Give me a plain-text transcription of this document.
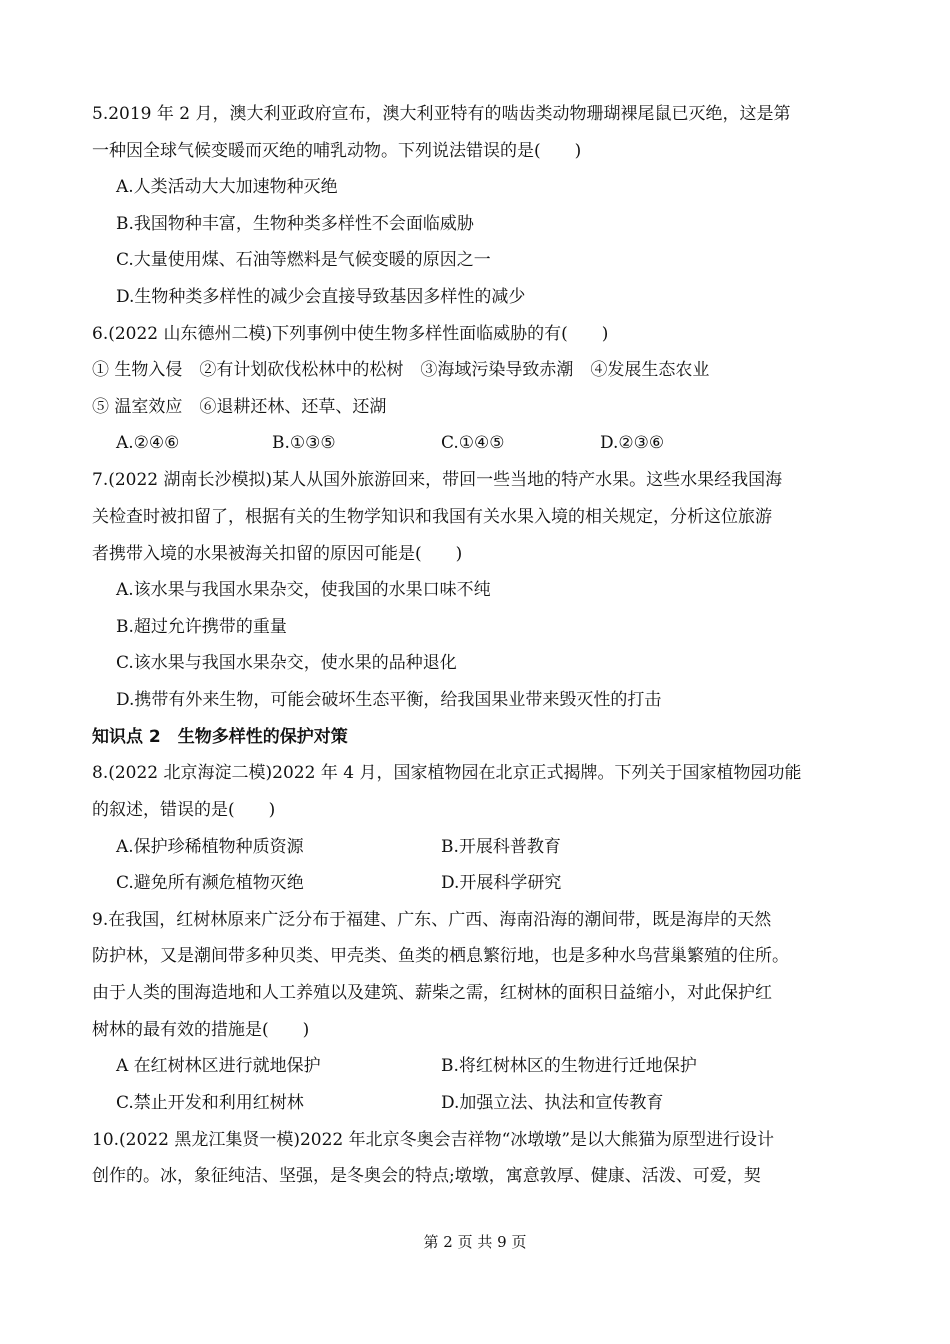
5.2019 年 2 月，澳大利亚政府宣布，澳大利亚特有的啮齿类动物珊瑚裸尾鼠已灭绝，这是第
一种因全球气候变暖而灭绝的哺乳动物。下列说法错误的是(　　)
A.人类活动大大加速物种灭绝
B.我国物种丰富，生物种类多样性不会面临威胁
C.大量使用煤、石油等燃料是气候变暖的原因之一
D.生物种类多样性的减少会直接导致基因多样性的减少
6.(2022 山东德州二模)下列事例中使生物多样性面临威胁的有(　　)
① 生物入侵　②有计划砍伐松林中的松树　③海域污染导致赤潮　④发展生态农业
⑤ 温室效应　⑥退耕还林、还草、还湖
A.②④⑥	B.①③⑤	C.①④⑤	D.②③⑥
7.(2022 湖南长沙模拟)某人从国外旅游回来，带回一些当地的特产水果。这些水果经我国海
关检查时被扣留了，根据有关的生物学知识和我国有关水果入境的相关规定，分析这位旅游
者携带入境的水果被海关扣留的原因可能是(　　)
A.该水果与我国水果杂交，使我国的水果口味不纯
B.超过允许携带的重量
C.该水果与我国水果杂交，使水果的品种退化
D.携带有外来生物，可能会破坏生态平衡，给我国果业带来毁灭性的打击
知识点 2　生物多样性的保护对策
8.(2022 北京海淀二模)2022 年 4 月，国家植物园在北京正式揭牌。下列关于国家植物园功能
的叙述，错误的是(　　)
A.保护珍稀植物种质资源	B.开展科普教育
C.避免所有濒危植物灭绝	D.开展科学研究
9.在我国，红树林原来广泛分布于福建、广东、广西、海南沿海的潮间带，既是海岸的天然
防护林，又是潮间带多种贝类、甲壳类、鱼类的栖息繁衍地，也是多种水鸟营巢繁殖的住所。
由于人类的围海造地和人工养殖以及建筑、薪柴之需，红树林的面积日益缩小，对此保护红
树林的最有效的措施是(　　)
A 在红树林区进行就地保护	B.将红树林区的生物进行迁地保护
C.禁止开发和利用红树林	D.加强立法、执法和宣传教育
10.(2022 黑龙江集贤一模)2022 年北京冬奥会吉祥物“冰墩墩”是以大熊猫为原型进行设计
创作的。冰，象征纯洁、坚强，是冬奥会的特点;墩墩，寓意敦厚、健康、活泼、可爱，契
第 2 页 共 9 页
